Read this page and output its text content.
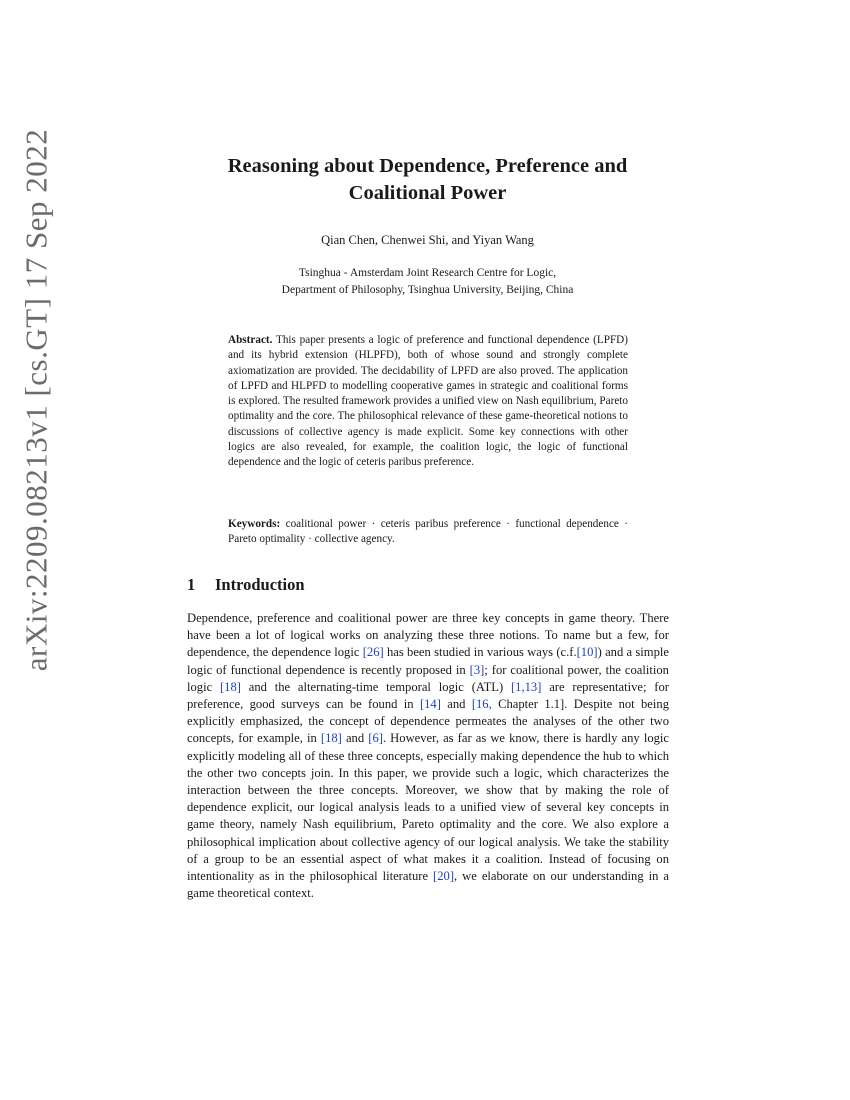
arXiv:2209.08213v1 [cs.GT] 17 Sep 2022	Reasoning about Dependence, Preference and
Coalitional Power
Qian Chen, Chenwei Shi, and Yiyan Wang
Tsinghua - Amsterdam Joint Research Centre for Logic,
Department of Philosophy, Tsinghua University, Beijing, China
Abstract. This paper presents a logic of preference and functional dependence (LPFD) and its hybrid extension (HLPFD), both of whose sound and strongly complete axiomatization are provided. The decidability of LPFD are also proved. The application of LPFD and HLPFD to modelling cooperative games in strategic and coalitional forms is explored. The resulted framework provides a unified view on Nash equilibrium, Pareto optimality and the core. The philosophical relevance of these game-theoretical notions to discussions of collective agency is made explicit. Some key connections with other logics are also revealed, for example, the coalition logic, the logic of functional dependence and the logic of ceteris paribus preference.
Keywords: coalitional power · ceteris paribus preference · functional dependence · Pareto optimality · collective agency.
1 Introduction
Dependence, preference and coalitional power are three key concepts in game theory. There have been a lot of logical works on analyzing these three notions. To name but a few, for dependence, the dependence logic [26] has been studied in various ways (c.f.[10]) and a simple logic of functional dependence is recently proposed in [3]; for coalitional power, the coalition logic [18] and the alternating-time temporal logic (ATL) [1,13] are representative; for preference, good surveys can be found in [14] and [16, Chapter 1.1]. Despite not being explicitly emphasized, the concept of dependence permeates the analyses of the other two concepts, for example, in [18] and [6]. However, as far as we know, there is hardly any logic explicitly modeling all of these three concepts, especially making dependence the hub to which the other two concepts join. In this paper, we provide such a logic, which characterizes the interaction between the three concepts. Moreover, we show that by making the role of dependence explicit, our logical analysis leads to a unified view of several key concepts in game theory, namely Nash equilibrium, Pareto optimality and the core. We also explore a philosophical implication about collective agency of our logical analysis. We take the stability of a group to be an essential aspect of what makes it a coalition. Instead of focusing on intentionality as in the philosophical literature [20], we elaborate on our understanding in a game theoretical context.
